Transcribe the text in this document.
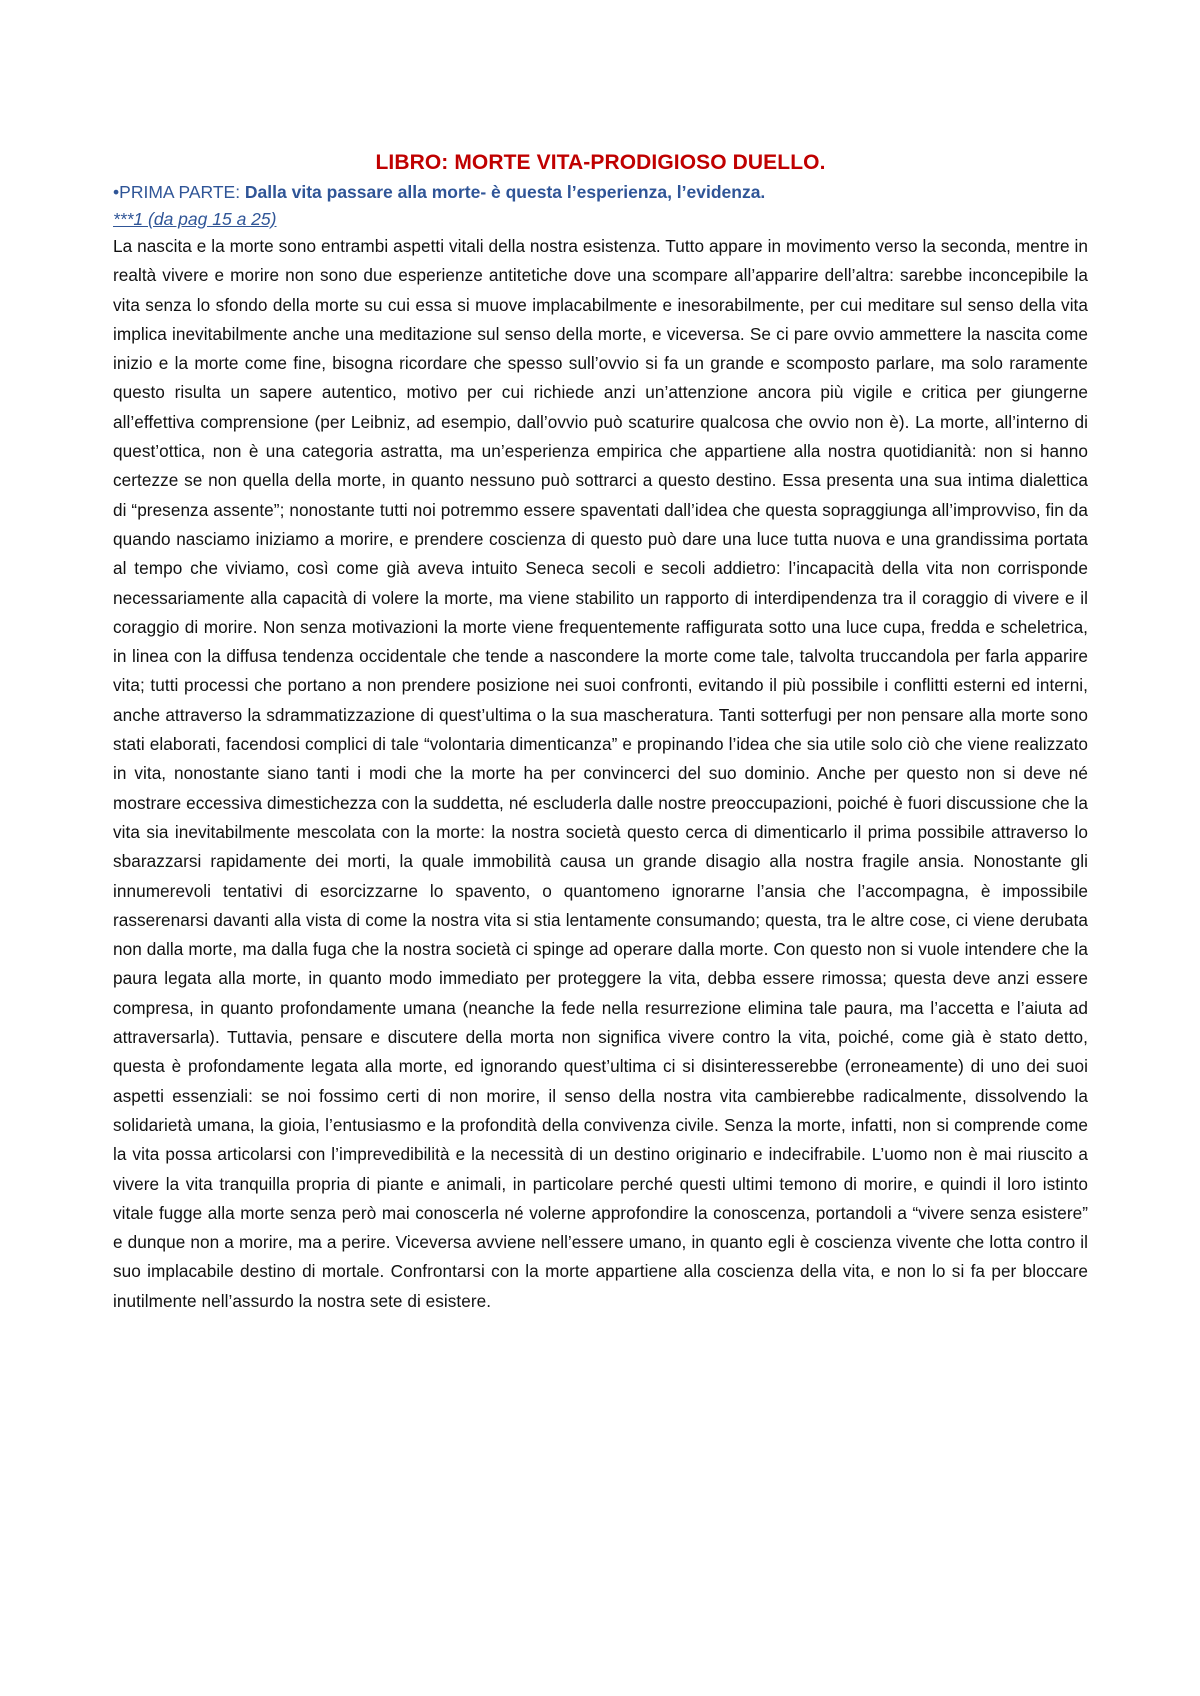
LIBRO: MORTE VITA-PRODIGIOSO DUELLO.

•PRIMA PARTE: Dalla vita passare alla morte- è questa l’esperienza, l’evidenza.

***1 (da pag 15 a 25)

La nascita e la morte sono entrambi aspetti vitali della nostra esistenza. Tutto appare in movimento verso la seconda, mentre in realtà vivere e morire non sono due esperienze antitetiche dove una scompare all’apparire dell’altra: sarebbe inconcepibile la vita senza lo sfondo della morte su cui essa si muove implacabilmente e inesorabilmente, per cui meditare sul senso della vita implica inevitabilmente anche una meditazione sul senso della morte, e viceversa. Se ci pare ovvio ammettere la nascita come inizio e la morte come fine, bisogna ricordare che spesso sull’ovvio si fa un grande e scomposto parlare, ma solo raramente questo risulta un sapere autentico, motivo per cui richiede anzi un’attenzione ancora più vigile e critica per giungerne all’effettiva comprensione (per Leibniz, ad esempio, dall’ovvio può scaturire qualcosa che ovvio non è). La morte, all’interno di quest’ottica, non è una categoria astratta, ma un’esperienza empirica che appartiene alla nostra quotidianità: non si hanno certezze se non quella della morte, in quanto nessuno può sottrarci a questo destino. Essa presenta una sua intima dialettica di “presenza assente”; nonostante tutti noi potremmo essere spaventati dall’idea che questa sopraggiunga all’improvviso, fin da quando nasciamo iniziamo a morire, e prendere coscienza di questo può dare una luce tutta nuova e una grandissima portata al tempo che viviamo, così come già aveva intuito Seneca secoli e secoli addietro: l’incapacità della vita non corrisponde necessariamente alla capacità di volere la morte, ma viene stabilito un rapporto di interdipendenza tra il coraggio di vivere e il coraggio di morire. Non senza motivazioni la morte viene frequentemente raffigurata sotto una luce cupa, fredda e scheletrica, in linea con la diffusa tendenza occidentale che tende a nascondere la morte come tale, talvolta truccandola per farla apparire vita; tutti processi che portano a non prendere posizione nei suoi confronti, evitando il più possibile i conflitti esterni ed interni, anche attraverso la sdrammatizzazione di quest’ultima o la sua mascheratura. Tanti sotterfugi per non pensare alla morte sono stati elaborati, facendosi complici di tale “volontaria dimenticanza” e propinando l’idea che sia utile solo ciò che viene realizzato in vita, nonostante siano tanti i modi che la morte ha per convincerci del suo dominio. Anche per questo non si deve né mostrare eccessiva dimestichezza con la suddetta, né escluderla dalle nostre preoccupazioni, poiché è fuori discussione che la vita sia inevitabilmente mescolata con la morte: la nostra società questo cerca di dimenticarlo il prima possibile attraverso lo sbarazzarsi rapidamente dei morti, la quale immobilità causa un grande disagio alla nostra fragile ansia. Nonostante gli innumerevoli tentativi di esorcizzarne lo spavento, o quantomeno ignorarne l’ansia che l’accompagna, è impossibile rasserenarsi davanti alla vista di come la nostra vita si stia lentamente consumando; questa, tra le altre cose, ci viene derubata non dalla morte, ma dalla fuga che la nostra società ci spinge ad operare dalla morte. Con questo non si vuole intendere che la paura legata alla morte, in quanto modo immediato per proteggere la vita, debba essere rimossa; questa deve anzi essere compresa, in quanto profondamente umana (neanche la fede nella resurrezione elimina tale paura, ma l’accetta e l’aiuta ad attraversarla). Tuttavia, pensare e discutere della morta non significa vivere contro la vita, poiché, come già è stato detto, questa è profondamente legata alla morte, ed ignorando quest’ultima ci si disinteresserebbe (erroneamente) di uno dei suoi aspetti essenziali: se noi fossimo certi di non morire, il senso della nostra vita cambierebbe radicalmente, dissolvendo la solidarietà umana, la gioia, l’entusiasmo e la profondità della convivenza civile. Senza la morte, infatti, non si comprende come la vita possa articolarsi con l’imprevedibilità e la necessità di un destino originario e indecifrabile. L’uomo non è mai riuscito a vivere la vita tranquilla propria di piante e animali, in particolare perché questi ultimi temono di morire, e quindi il loro istinto vitale fugge alla morte senza però mai conoscerla né volerne approfondire la conoscenza, portandoli a “vivere senza esistere” e dunque non a morire, ma a perire. Viceversa avviene nell’essere umano, in quanto egli è coscienza vivente che lotta contro il suo implacabile destino di mortale. Confrontarsi con la morte appartiene alla coscienza della vita, e non lo si fa per bloccare inutilmente nell’assurdo la nostra sete di esistere.
